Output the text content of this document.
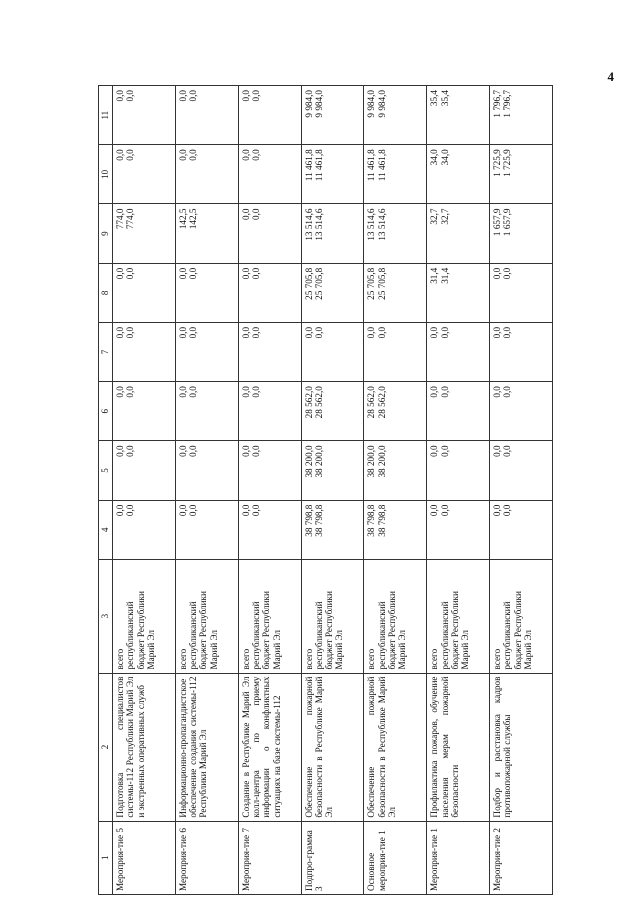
4
1	2	3	4	5	6	7	8	9	10	11
Мероприя-тие 5	Подготовка специалистов системы-112 Республики Марий Эл и экстренных оперативных служб	всего республиканский бюджет Республики Марий Эл	0,0 0,0	0,0 0,0	0,0 0,0	0,0 0,0	0,0 0,0	774,0 774,0	0,0 0,0	0,0 0,0

Мероприя-тие 6	Информационно-пропагандистское обеспечение создания системы-112 Республики Марий Эл	всего республиканский бюджет Республики Марий Эл	0,0 0,0	0,0 0,0	0,0 0,0	0,0 0,0	0,0 0,0	142,5 142,5	0,0 0,0	0,0 0,0

Мероприя-тие 7	Создание в Республике Марий Эл колл-центра по приему информации о конфликтных ситуациях на базе системы-112	всего республиканский бюджет Республики Марий Эл	0,0 0,0	0,0 0,0	0,0 0,0	0,0 0,0	0,0 0,0	0,0 0,0	0,0 0,0	0,0 0,0

Подпро-грамма 3	Обеспечение пожарной безопасности в Республике Марий Эл	всего республиканский бюджет Республики Марий Эл	38 798,8 38 798,8	38 200,0 38 200,0	28 562,0 28 562,0	0,0 0,0	25 705,8 25 705,8	13 514,6 13 514,6	11 461,8 11 461,8	9 984,0 9 984,0

Основное мероприя-тие 1	Обеспечение пожарной безопасности в Республике Марий Эл	всего республиканский бюджет Республики Марий Эл	38 798,8 38 798,8	38 200,0 38 200,0	28 562,0 28 562,0	0,0 0,0	25 705,8 25 705,8	13 514,6 13 514,6	11 461,8 11 461,8	9 984,0 9 984,0

Мероприя-тие 1	Профилактика пожаров, обучение населения мерам пожарной безопасности	всего республиканский бюджет Республики Марий Эл	0,0 0,0	0,0 0,0	0,0 0,0	0,0 0,0	31,4 31,4	32,7 32,7	34,0 34,0	35,4 35,4

Мероприя-тие 2	Подбор и расстановка кадров противопожарной службы	всего республиканский бюджет Республики Марий Эл	0,0 0,0	0,0 0,0	0,0 0,0	0,0 0,0	0,0 0,0	1 657,9 1 657,9	1 725,9 1 725,9	1 796,7 1 796,7
